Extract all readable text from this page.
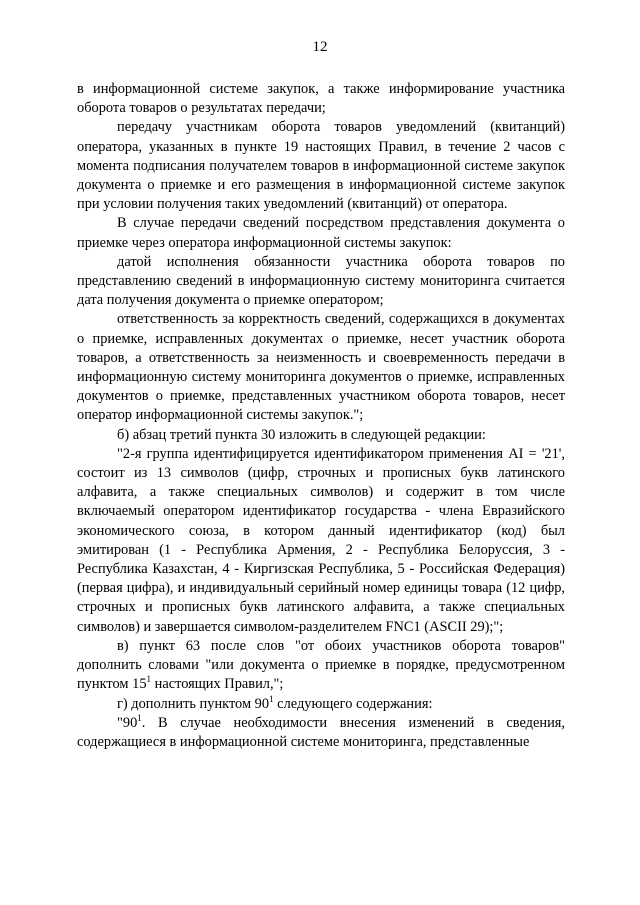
12

в информационной системе закупок, а также информирование участника оборота товаров о результатах передачи;

передачу участникам оборота товаров уведомлений (квитанций) оператора, указанных в пункте 19 настоящих Правил, в течение 2 часов с момента подписания получателем товаров в информационной системе закупок документа о приемке и его размещения в информационной системе закупок при условии получения таких уведомлений (квитанций) от оператора.

В случае передачи сведений посредством представления документа о приемке через оператора информационной системы закупок:

датой исполнения обязанности участника оборота товаров по представлению сведений в информационную систему мониторинга считается дата получения документа о приемке оператором;

ответственность за корректность сведений, содержащихся в документах о приемке, исправленных документах о приемке, несет участник оборота товаров, а ответственность за неизменность и своевременность передачи в информационную систему мониторинга документов о приемке, исправленных документов о приемке, представленных участником оборота товаров, несет оператор информационной системы закупок.";

б) абзац третий пункта 30 изложить в следующей редакции:

"2-я группа идентифицируется идентификатором применения AI = '21', состоит из 13 символов (цифр, строчных и прописных букв латинского алфавита, а также специальных символов) и содержит в том числе включаемый оператором идентификатор государства - члена Евразийского экономического союза, в котором данный идентификатор (код) был эмитирован (1 - Республика Армения, 2 - Республика Белоруссия, 3 - Республика Казахстан, 4 - Киргизская Республика, 5 - Российская Федерация) (первая цифра), и индивидуальный серийный номер единицы товара (12 цифр, строчных и прописных букв латинского алфавита, а также специальных символов) и завершается символом-разделителем FNC1 (ASCII 29);";

в) пункт 63 после слов "от обоих участников оборота товаров" дополнить словами "или документа о приемке в порядке, предусмотренном пунктом $15^1$ настоящих Правил,";

г) дополнить пунктом $90^1$ следующего содержания:

"$90^1$. В случае необходимости внесения изменений в сведения, содержащиеся в информационной системе мониторинга, представленные
